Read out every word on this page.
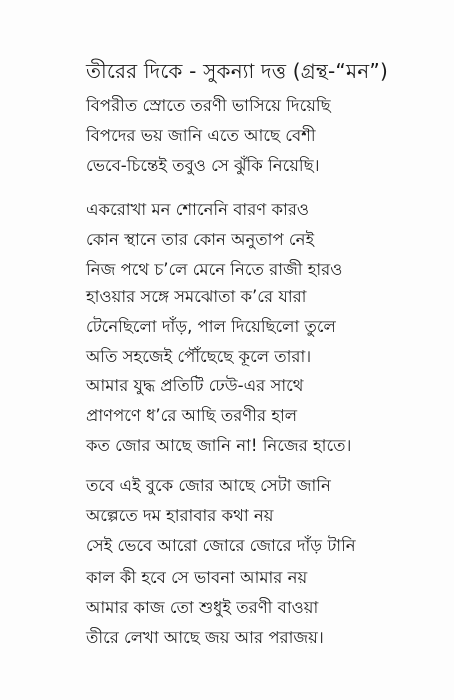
তীরের দিকে - সুকন্যা দত্ত (গ্রন্থ-“মন”)
বিপরীত স্রোতে তরণী ভাসিয়ে দিয়েছি
বিপদের ভয় জানি এতে আছে বেশী
ভেবে-চিন্তেই তবুও সে ঝুঁকি নিয়েছি।
একরোখা মন শোনেনি বারণ কারও
কোন স্থানে তার কোন অনুতাপ নেই
নিজ পথে চ’লে মেনে নিতে রাজী হারও
হাওয়ার সঙ্গে সমঝোতা ক’রে যারা
টেনেছিলো দাঁড়, পাল দিয়েছিলো তুলে
অতি সহজেই পৌঁছেছে কূলে তারা।
আমার যুদ্ধ প্রতিটি ঢেউ-এর সাথে
প্রাণপণে ধ’রে আছি তরণীর হাল
কত জোর আছে জানি না! নিজের হাতে।
তবে এই বুকে জোর আছে সেটা জানি
অল্পেতে দম হারাবার কথা নয়
সেই ভেবে আরো জোরে জোরে দাঁড় টানি
কাল কী হবে সে ভাবনা আমার নয়
আমার কাজ তো শুধুই তরণী বাওয়া
তীরে লেখা আছে জয় আর পরাজয়।
